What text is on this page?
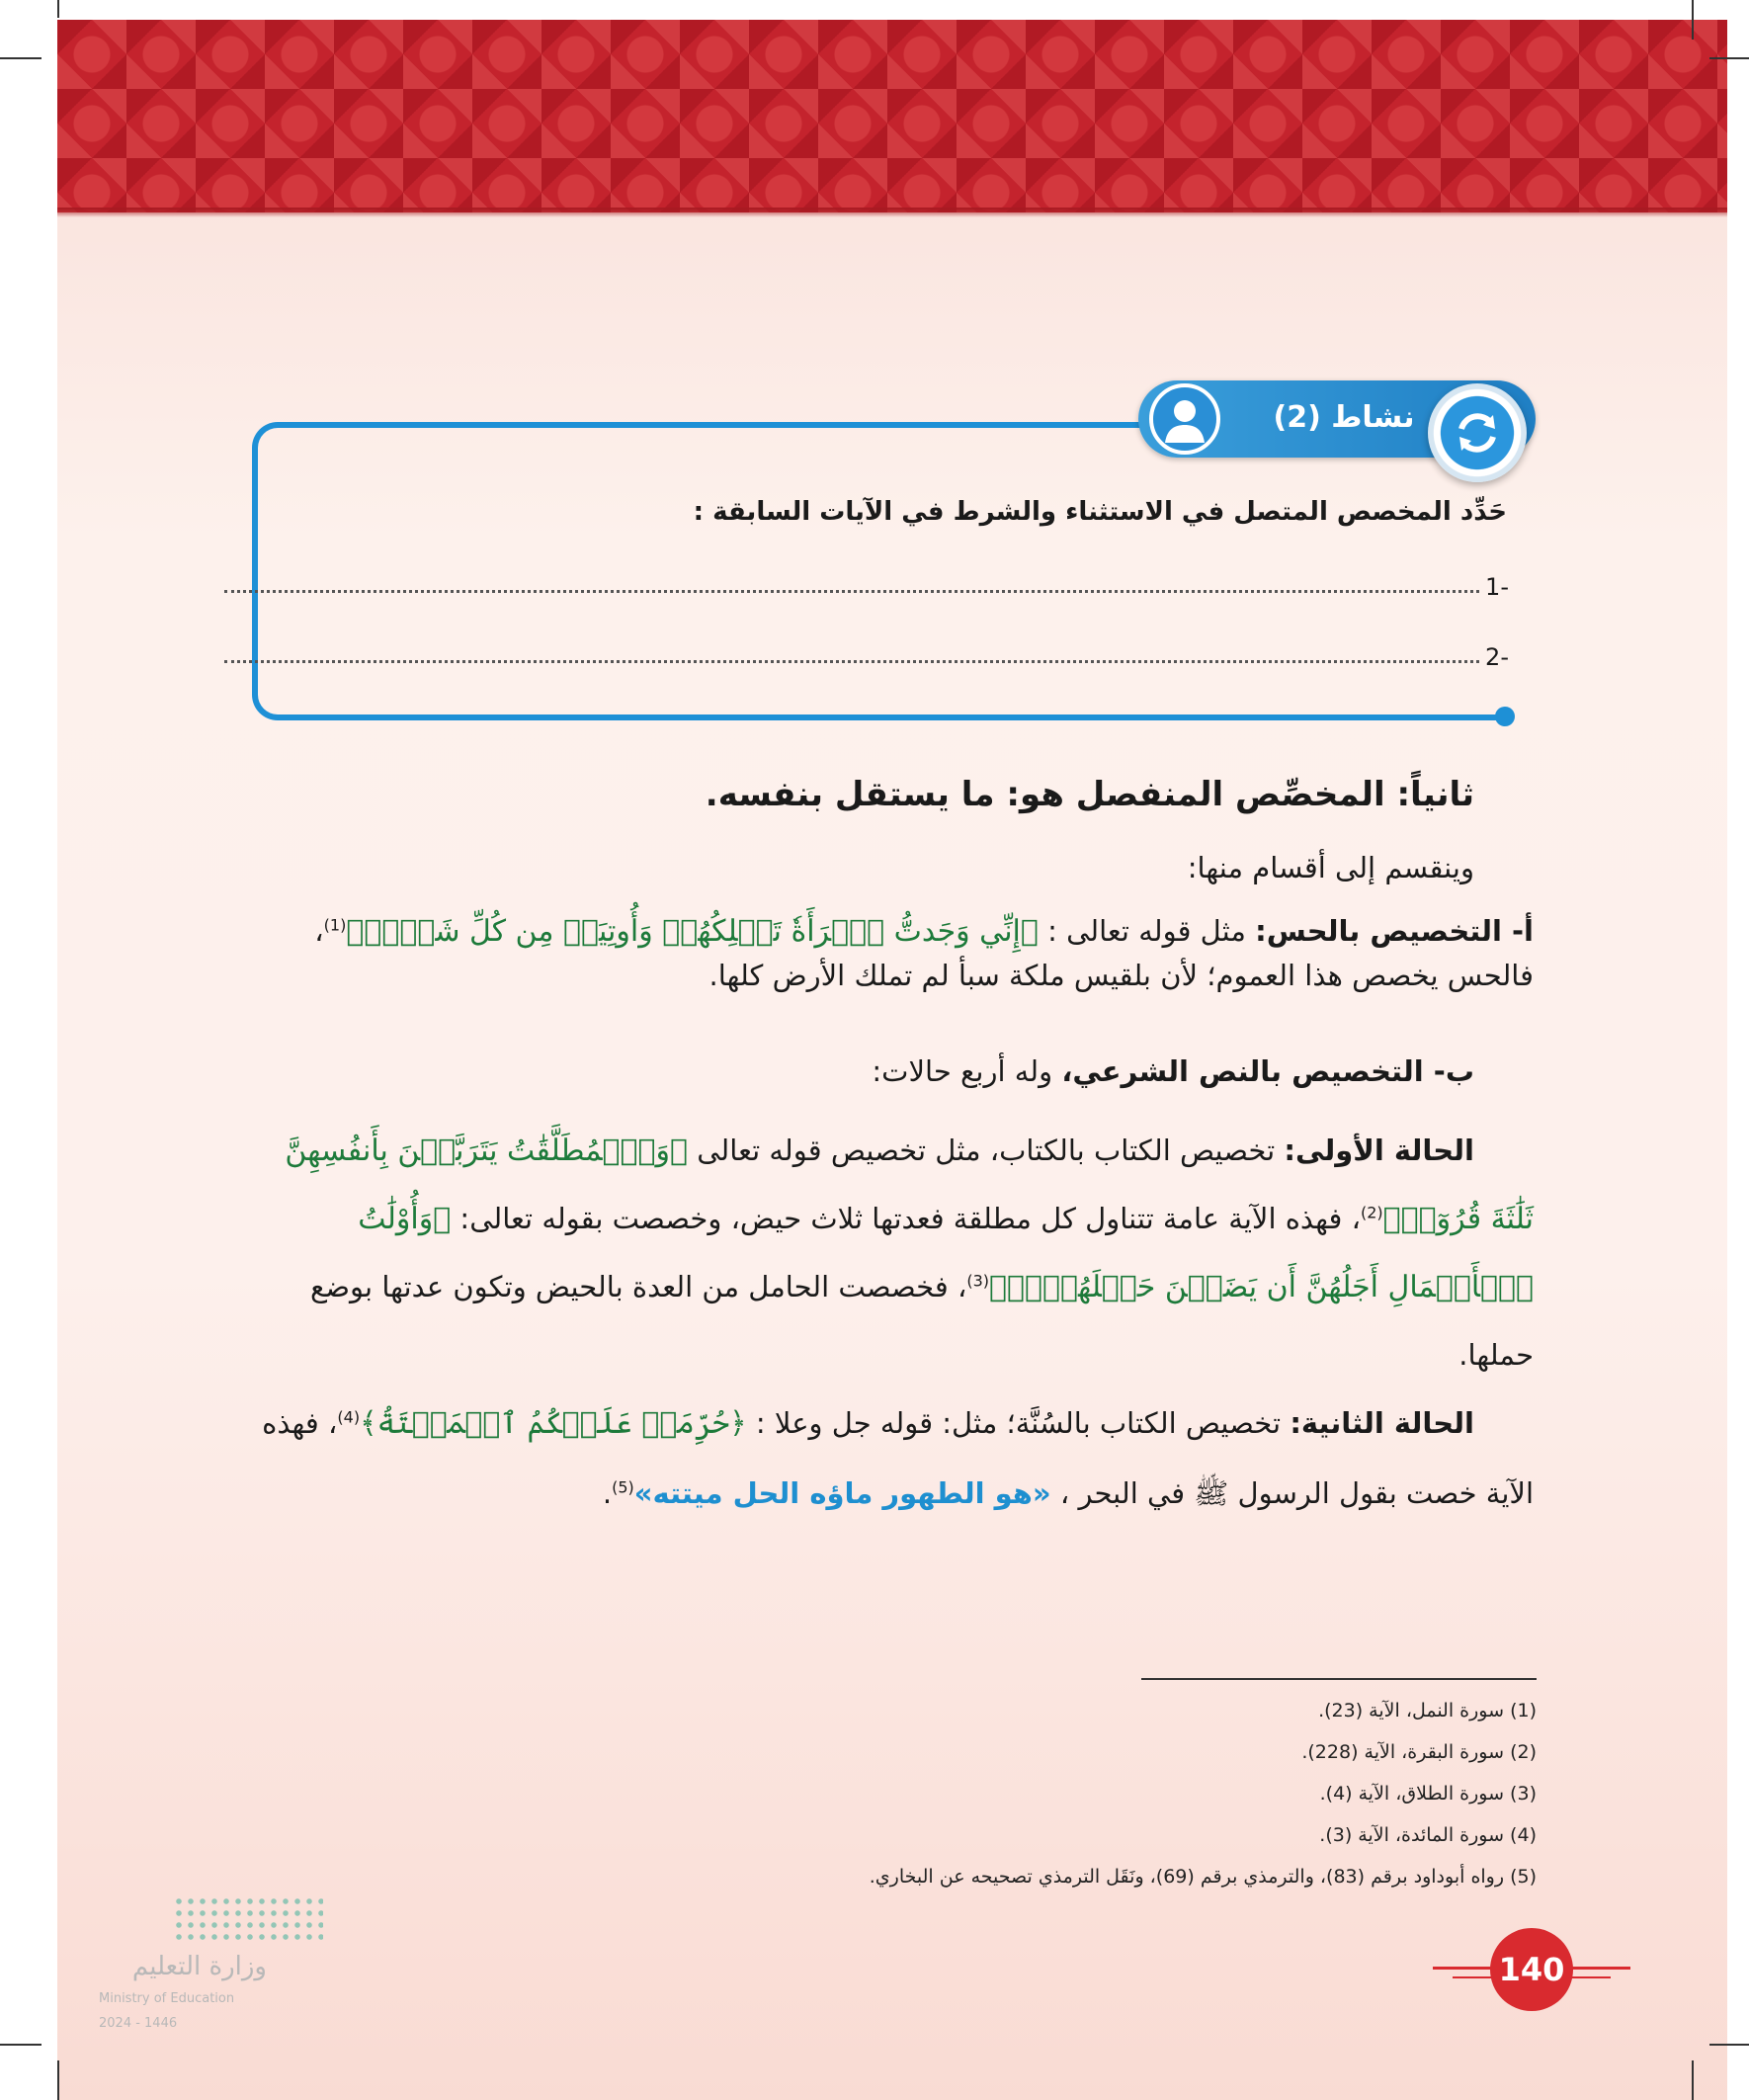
نشاط (2)
حَدِّد المخصص المتصل في الاستثناء والشرط في الآيات السابقة :
-1
-2
ثانياً: المخصِّص المنفصل هو: ما يستقل بنفسه.
وينقسم إلى أقسام منها:
أ- التخصيص بالحس: مثل قوله تعالى : ﴿إِنِّي وَجَدتُّ ٱمۡرَأَةٗ تَمۡلِكُهُمۡ وَأُوتِيَتۡ مِن كُلِّ شَيۡءٖ﴾$^{(1)}$، فالحس يخصص هذا العموم؛ لأن بلقيس ملكة سبأ لم تملك الأرض كلها.
ب- التخصيص بالنص الشرعي، وله أربع حالات:
الحالة الأولى: تخصيص الكتاب بالكتاب، مثل تخصيص قوله تعالى ﴿وَٱلۡمُطَلَّقَٰتُ يَتَرَبَّصۡنَ بِأَنفُسِهِنَّ ثَلَٰثَةَ قُرُوٓءٖ﴾$^{(2)}$، فهذه الآية عامة تتناول كل مطلقة فعدتها ثلاث حيض، وخصصت بقوله تعالى: ﴿وَأُوْلَٰتُ ٱلۡأَحۡمَالِ أَجَلُهُنَّ أَن يَضَعۡنَ حَمۡلَهُنَّۚ﴾$^{(3)}$، فخصصت الحامل من العدة بالحيض وتكون عدتها بوضع حملها.
الحالة الثانية: تخصيص الكتاب بالسُنَّة؛ مثل: قوله جل وعلا : ﴿حُرِّمَتۡ عَلَيۡكُمُ ٱلۡمَيۡتَةُ﴾$^{(4)}$، فهذه الآية خصت بقول الرسول ﷺ في البحر ، «هو الطهور ماؤه الحل ميتته»$^{(5)}$.
(1) سورة النمل، الآية (23).
(2) سورة البقرة، الآية (228).
(3) سورة الطلاق، الآية (4).
(4) سورة المائدة، الآية (3).
(5) رواه أبوداود برقم (83)، والترمذي برقم (69)، ونَقَل الترمذي تصحيحه عن البخاري.
140
وزارة التعليم
Ministry of Education
2024 - 1446
